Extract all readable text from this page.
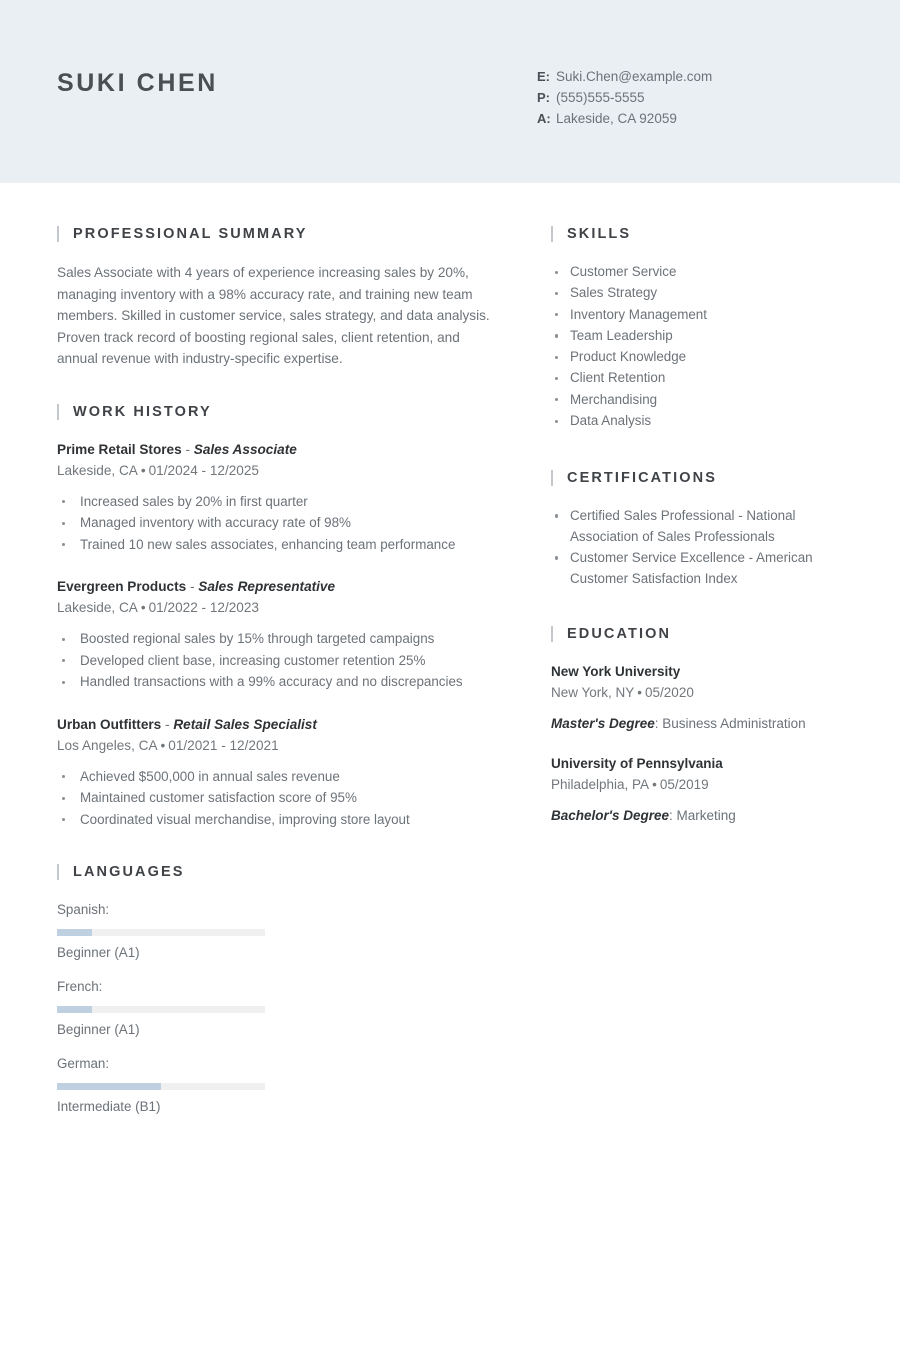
SUKI CHEN	E: Suki.Chen@example.com
P: (555)555-5555
A: Lakeside, CA 92059
PROFESSIONAL SUMMARY
Sales Associate with 4 years of experience increasing sales by 20%, managing inventory with a 98% accuracy rate, and training new team members. Skilled in customer service, sales strategy, and data analysis. Proven track record of boosting regional sales, client retention, and annual revenue with industry-specific expertise.
WORK HISTORY
Prime Retail Stores - Sales Associate
Lakeside, CA • 01/2024 - 12/2025
Increased sales by 20% in first quarter
Managed inventory with accuracy rate of 98%
Trained 10 new sales associates, enhancing team performance
Evergreen Products - Sales Representative
Lakeside, CA • 01/2022 - 12/2023
Boosted regional sales by 15% through targeted campaigns
Developed client base, increasing customer retention 25%
Handled transactions with a 99% accuracy and no discrepancies
Urban Outfitters - Retail Sales Specialist
Los Angeles, CA • 01/2021 - 12/2021
Achieved $500,000 in annual sales revenue
Maintained customer satisfaction score of 95%
Coordinated visual merchandise, improving store layout
LANGUAGES
Spanish:
Beginner (A1)
French:
Beginner (A1)
German:
Intermediate (B1)
SKILLS
Customer Service
Sales Strategy
Inventory Management
Team Leadership
Product Knowledge
Client Retention
Merchandising
Data Analysis
CERTIFICATIONS
Certified Sales Professional - National Association of Sales Professionals
Customer Service Excellence - American Customer Satisfaction Index
EDUCATION
New York University
New York, NY • 05/2020
Master's Degree: Business Administration
University of Pennsylvania
Philadelphia, PA • 05/2019
Bachelor's Degree: Marketing
